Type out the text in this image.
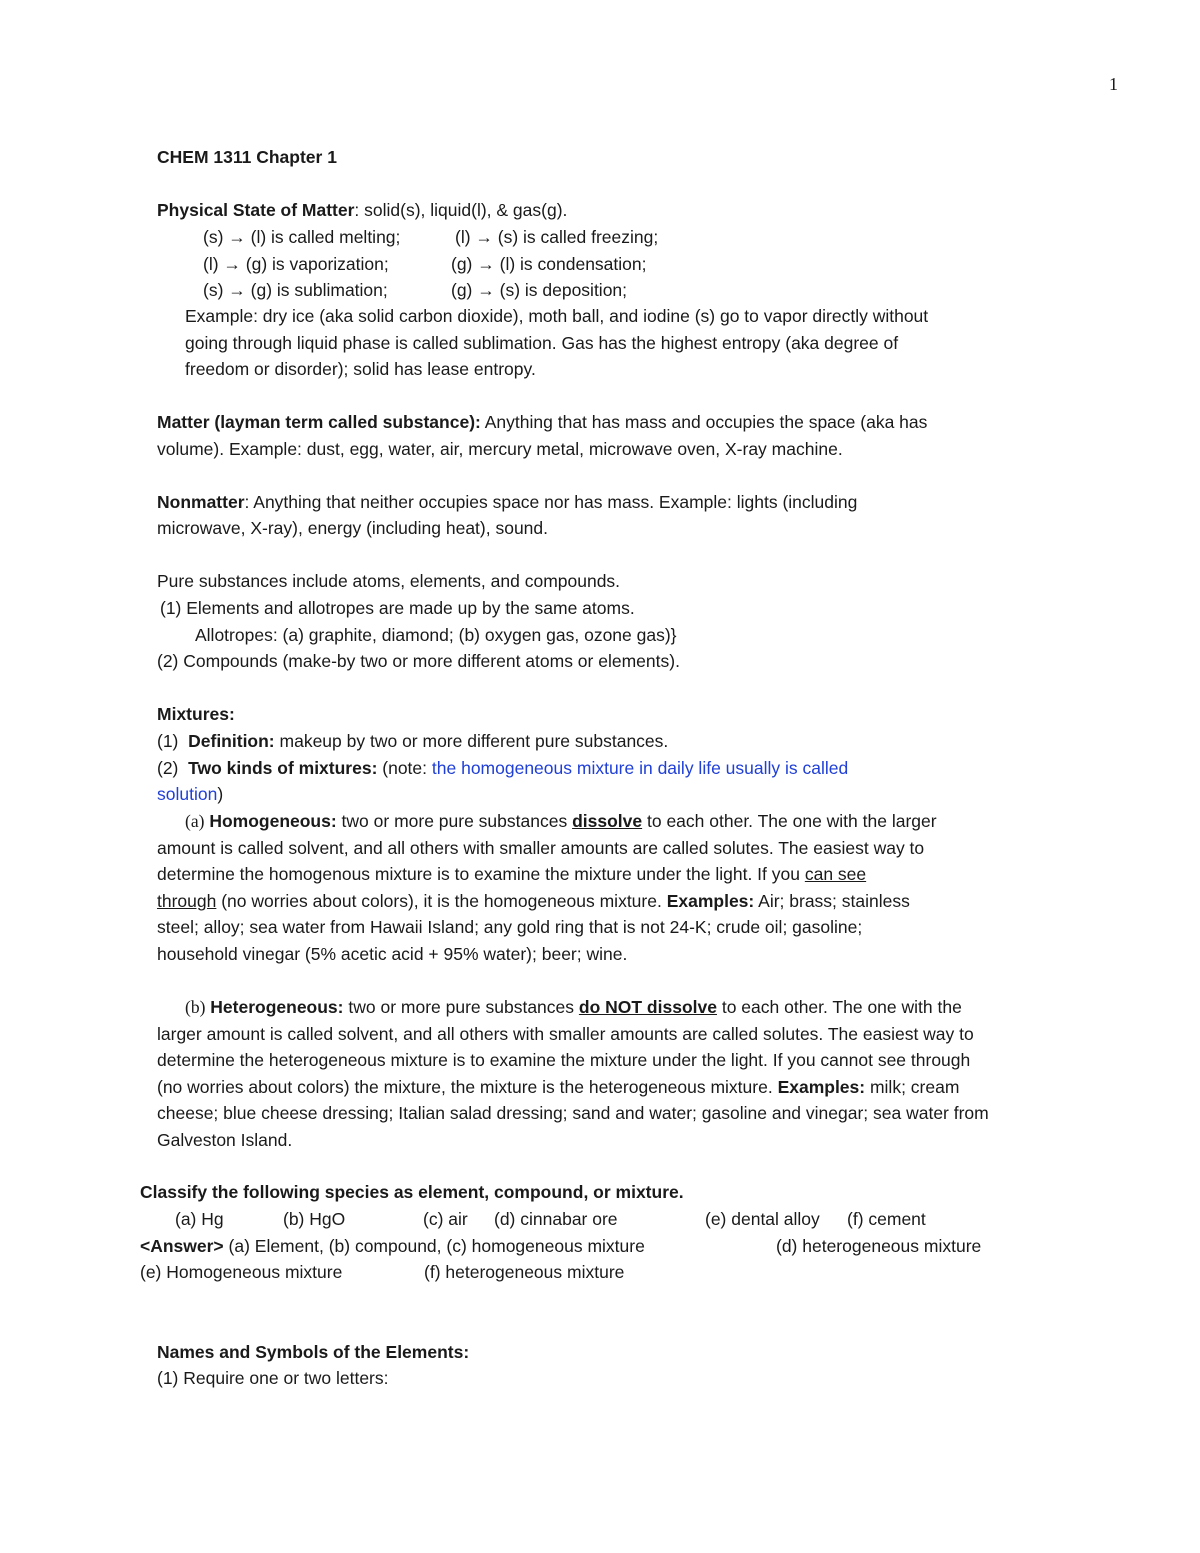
1
CHEM 1311 Chapter 1
Physical State of Matter: solid(s), liquid(l), & gas(g).
(s) → (l) is called melting;	(l) → (s) is called freezing;
(l) → (g) is vaporization;	(g) → (l) is condensation;
(s) → (g) is sublimation;	(g) → (s) is deposition;
Example: dry ice (aka solid carbon dioxide), moth ball, and iodine (s) go to vapor directly without
going through liquid phase is called sublimation. Gas has the highest entropy (aka degree of
freedom or disorder); solid has lease entropy.
Matter (layman term called substance): Anything that has mass and occupies the space (aka has
volume). Example: dust, egg, water, air, mercury metal, microwave oven, X-ray machine.
Nonmatter: Anything that neither occupies space nor has mass. Example: lights (including
microwave, X-ray), energy (including heat), sound.
Pure substances include atoms, elements, and compounds.
(1) Elements and allotropes are made up by the same atoms.
Allotropes: (a) graphite, diamond; (b) oxygen gas, ozone gas)}
(2) Compounds (make-by two or more different atoms or elements).
Mixtures:
(1) Definition: makeup by two or more different pure substances.
(2) Two kinds of mixtures: (note: the homogeneous mixture in daily life usually is called
solution)
(a) Homogeneous: two or more pure substances dissolve to each other. The one with the larger
amount is called solvent, and all others with smaller amounts are called solutes. The easiest way to
determine the homogenous mixture is to examine the mixture under the light. If you can see
through (no worries about colors), it is the homogeneous mixture. Examples: Air; brass; stainless
steel; alloy; sea water from Hawaii Island; any gold ring that is not 24-K; crude oil; gasoline;
household vinegar (5% acetic acid + 95% water); beer; wine.
(b) Heterogeneous: two or more pure substances do NOT dissolve to each other. The one with the
larger amount is called solvent, and all others with smaller amounts are called solutes. The easiest way to
determine the heterogeneous mixture is to examine the mixture under the light. If you cannot see through
(no worries about colors) the mixture, the mixture is the heterogeneous mixture. Examples: milk; cream
cheese; blue cheese dressing; Italian salad dressing; sand and water; gasoline and vinegar; sea water from
Galveston Island.
Classify the following species as element, compound, or mixture.
(a) Hg	(b) HgO	(c) air (d) cinnabar ore	(e) dental alloy (f) cement
<Answer> (a) Element, (b) compound, (c) homogeneous mixture	(d) heterogeneous mixture
(e) Homogeneous mixture	(f) heterogeneous mixture
Names and Symbols of the Elements:
(1) Require one or two letters:
